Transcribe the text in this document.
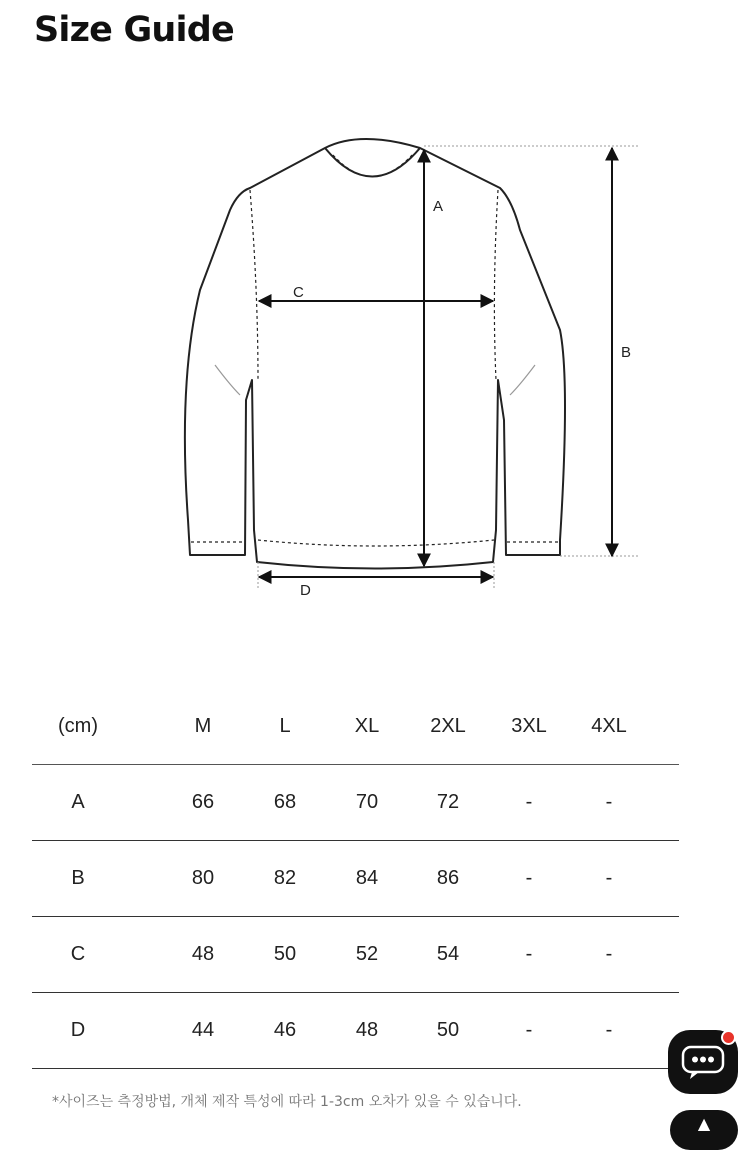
Size Guide
A
B
C
D
(cm)	M	L	XL	2XL	3XL	4XL
A	66	68	70	72	-	-
B	80	82	84	86	-	-
C	48	50	52	54	-	-
D	44	46	48	50	-	-
*사이즈는 측정방법, 개체 제작 특성에 따라 1-3cm 오차가 있을 수 있습니다.
▲
